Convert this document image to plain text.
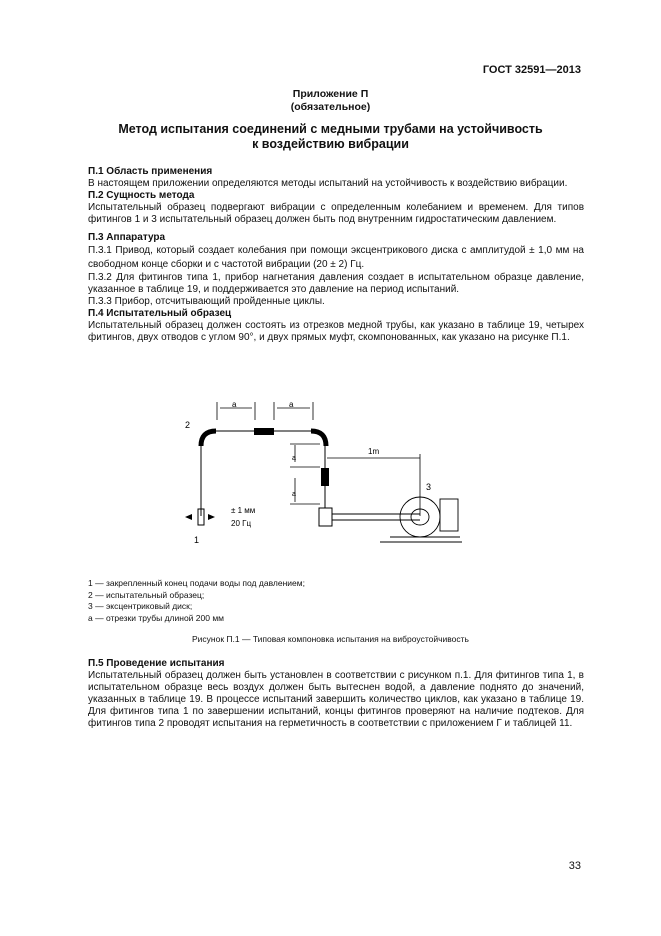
ГОСТ 32591—2013
Приложение П
(обязательное)
Метод испытания соединений с медными трубами на устойчивость
к воздействию вибрации

П.1 Область применения

В настоящем приложении определяются методы испытаний на устойчивость к воздействию вибрации.

П.2 Сущность метода

Испытательный образец подвергают вибрации с определенным колебанием и временем. Для типов фитингов 1 и 3 испытательный образец должен быть под внутренним гидростатическим давлением.

П.3 Аппаратура

П.3.1 Привод, который создает колебания при помощи эксцентрикового диска с амплитудой ± 1,0 мм на свободном конце сборки и с частотой вибрации (20 ± 2) Гц.

П.3.2 Для фитингов типа 1, прибор нагнетания давления создает в испытательном образце давление, указанное в таблице 19, и поддерживается это давление на период испытаний.

П.3.3 Прибор, отсчитывающий пройденные циклы.

П.4 Испытательный образец

Испытательный образец должен состоять из отрезков медной трубы, как указано в таблице 19, четырех фитингов, двух отводов с углом 90°, и двух прямых муфт, скомпонованных, как указано на рисунке П.1.

a	a
a
a
1m
± 1 мм
20 Гц
2
1
3
1 — закрепленный конец подачи воды под давлением;
2 — испытательный образец;
3 — эксцентриковый диск;
а — отрезки трубы длиной 200 мм
Рисунок П.1 — Типовая компоновка испытания на виброустойчивость

П.5 Проведение испытания

Испытательный образец должен быть установлен в соответствии с рисунком п.1. Для фитингов типа 1, в испытательном образце весь воздух должен быть вытеснен водой, а давление поднято до значений, указанных в таблице 19. В процессе испытаний завершить количество циклов, как указано в таблице 19. Для фитингов типа 1 по завершении испытаний, концы фитингов проверяют на наличие подтеков. Для фитингов типа 2 проводят испытания на герметичность в соответствии с приложением Г и таблицей 11.

33
